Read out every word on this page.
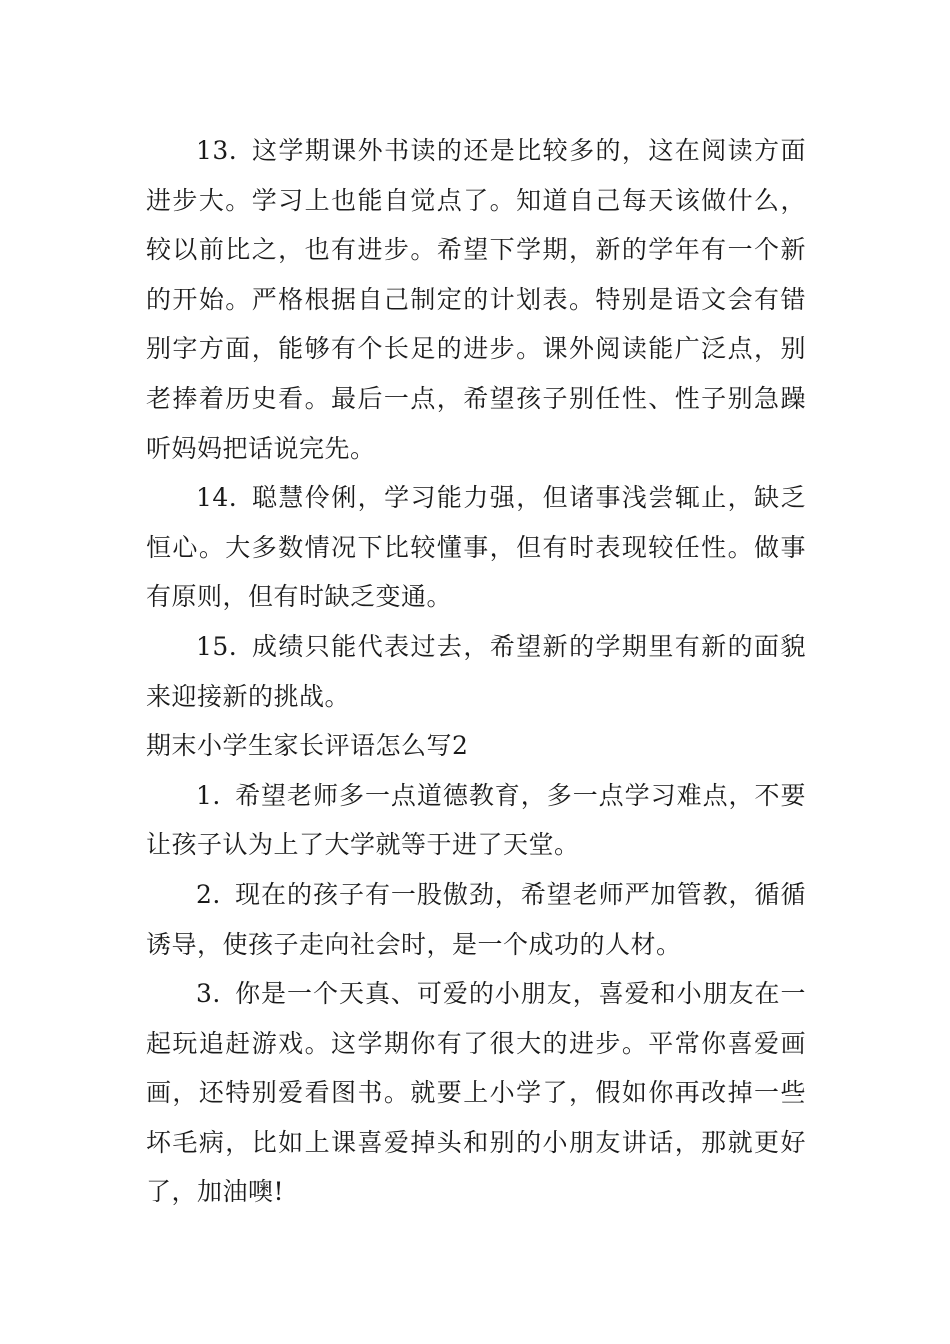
13. 这学期课外书读的还是比较多的，这在阅读方面进步大。学习上也能自觉点了。知道自己每天该做什么，较以前比之，也有进步。希望下学期，新的学年有一个新的开始。严格根据自己制定的计划表。特别是语文会有错别字方面，能够有个长足的进步。课外阅读能广泛点，别老捧着历史看。最后一点，希望孩子别任性、性子别急躁听妈妈把话说完先。

14. 聪慧伶俐，学习能力强，但诸事浅尝辄止，缺乏恒心。大多数情况下比较懂事，但有时表现较任性。做事有原则，但有时缺乏变通。

15. 成绩只能代表过去，希望新的学期里有新的面貌来迎接新的挑战。

期末小学生家长评语怎么写2

1. 希望老师多一点道德教育，多一点学习难点，不要让孩子认为上了大学就等于进了天堂。

2. 现在的孩子有一股傲劲，希望老师严加管教，循循诱导，使孩子走向社会时，是一个成功的人材。

3. 你是一个天真、可爱的小朋友，喜爱和小朋友在一起玩追赶游戏。这学期你有了很大的进步。平常你喜爱画画，还特别爱看图书。就要上小学了，假如你再改掉一些坏毛病，比如上课喜爱掉头和别的小朋友讲话，那就更好了，加油噢!
